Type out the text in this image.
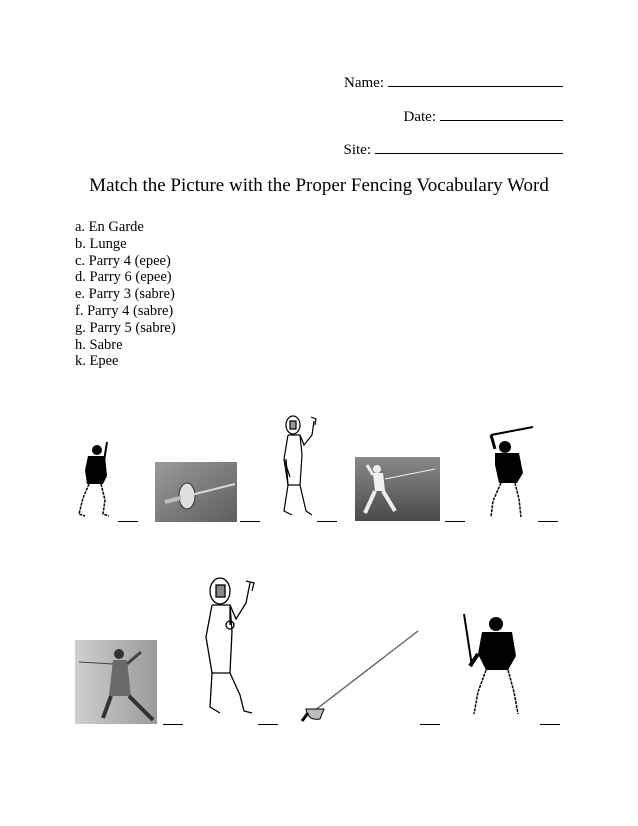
Name:
Date:
Site:
Match the Picture with the Proper Fencing Vocabulary Word
a. En Garde
b. Lunge
c. Parry 4 (epee)
d. Parry 6 (epee)
e. Parry 3 (sabre)
f. Parry 4 (sabre)
g. Parry 5 (sabre)
h. Sabre
k. Epee
